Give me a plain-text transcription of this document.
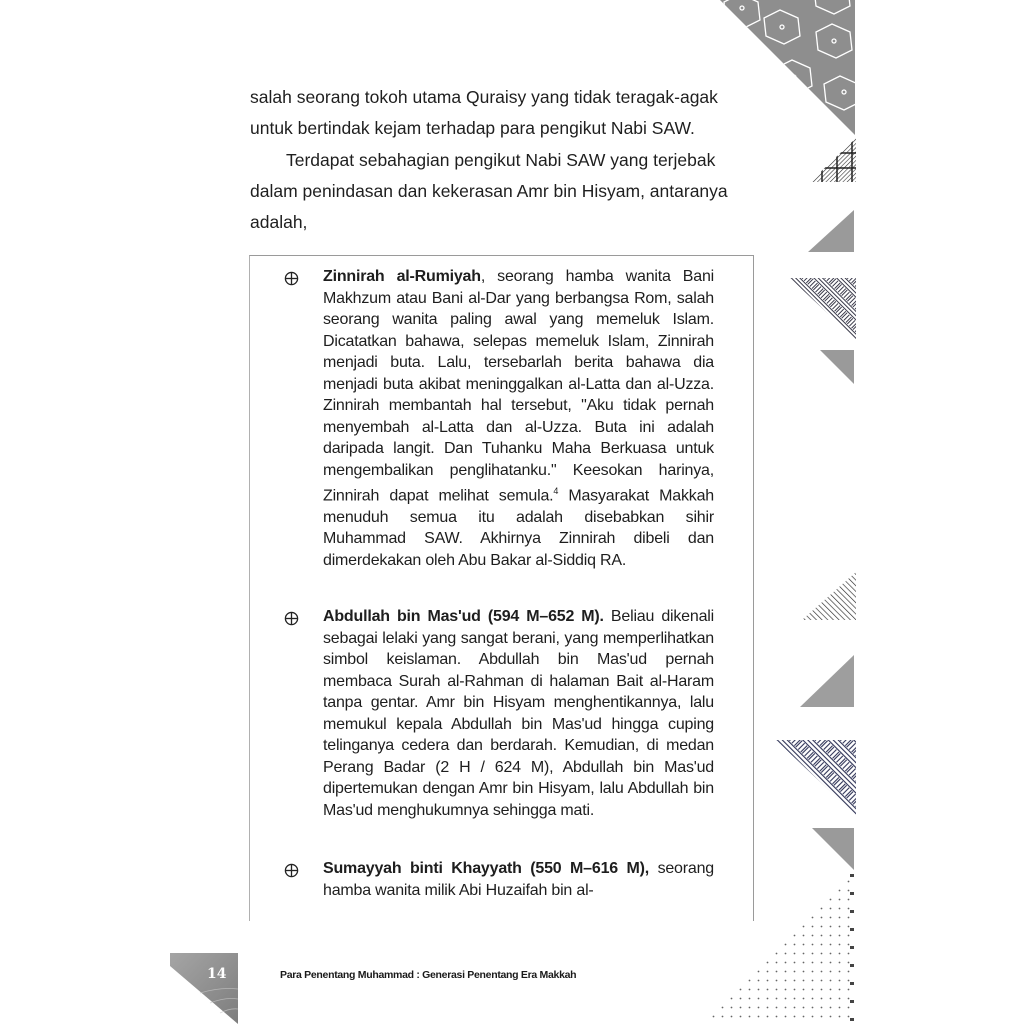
salah seorang tokoh utama Quraisy yang tidak teragak-agak untuk bertindak kejam terhadap para pengikut Nabi SAW.

Terdapat sebahagian pengikut Nabi SAW yang terjebak dalam penindasan dan kekerasan Amr bin Hisyam, antaranya adalah,

Zinnirah al-Rumiyah, seorang hamba wanita Bani Makhzum atau Bani al-Dar yang berbangsa Rom, salah seorang wanita paling awal yang memeluk Islam. Dicatatkan bahawa, selepas memeluk Islam, Zinnirah menjadi buta. Lalu, tersebarlah berita bahawa dia menjadi buta akibat meninggalkan al-Latta dan al-Uzza. Zinnirah membantah hal tersebut, "Aku tidak pernah menyembah al-Latta dan al-Uzza. Buta ini adalah daripada langit. Dan Tuhanku Maha Berkuasa untuk mengembalikan penglihatanku." Keesokan harinya, Zinnirah dapat melihat semula.$^4$ Masyarakat Makkah menuduh semua itu adalah disebabkan sihir Muhammad SAW. Akhirnya Zinnirah dibeli dan dimerdekakan oleh Abu Bakar al-Siddiq RA.
Abdullah bin Mas'ud (594 M–652 M). Beliau dikenali sebagai lelaki yang sangat berani, yang memperlihatkan simbol keislaman. Abdullah bin Mas'ud pernah membaca Surah al-Rahman di halaman Bait al-Haram tanpa gentar. Amr bin Hisyam menghentikannya, lalu memukul kepala Abdullah bin Mas'ud hingga cuping telinganya cedera dan berdarah. Kemudian, di medan Perang Badar (2 H / 624 M), Abdullah bin Mas'ud dipertemukan dengan Amr bin Hisyam, lalu Abdullah bin Mas'ud menghukumnya sehingga mati.
Sumayyah binti Khayyath (550 M–616 M), seorang hamba wanita milik Abi Huzaifah bin al-
14	Para Penentang Muhammad : Generasi Penentang Era Makkah
